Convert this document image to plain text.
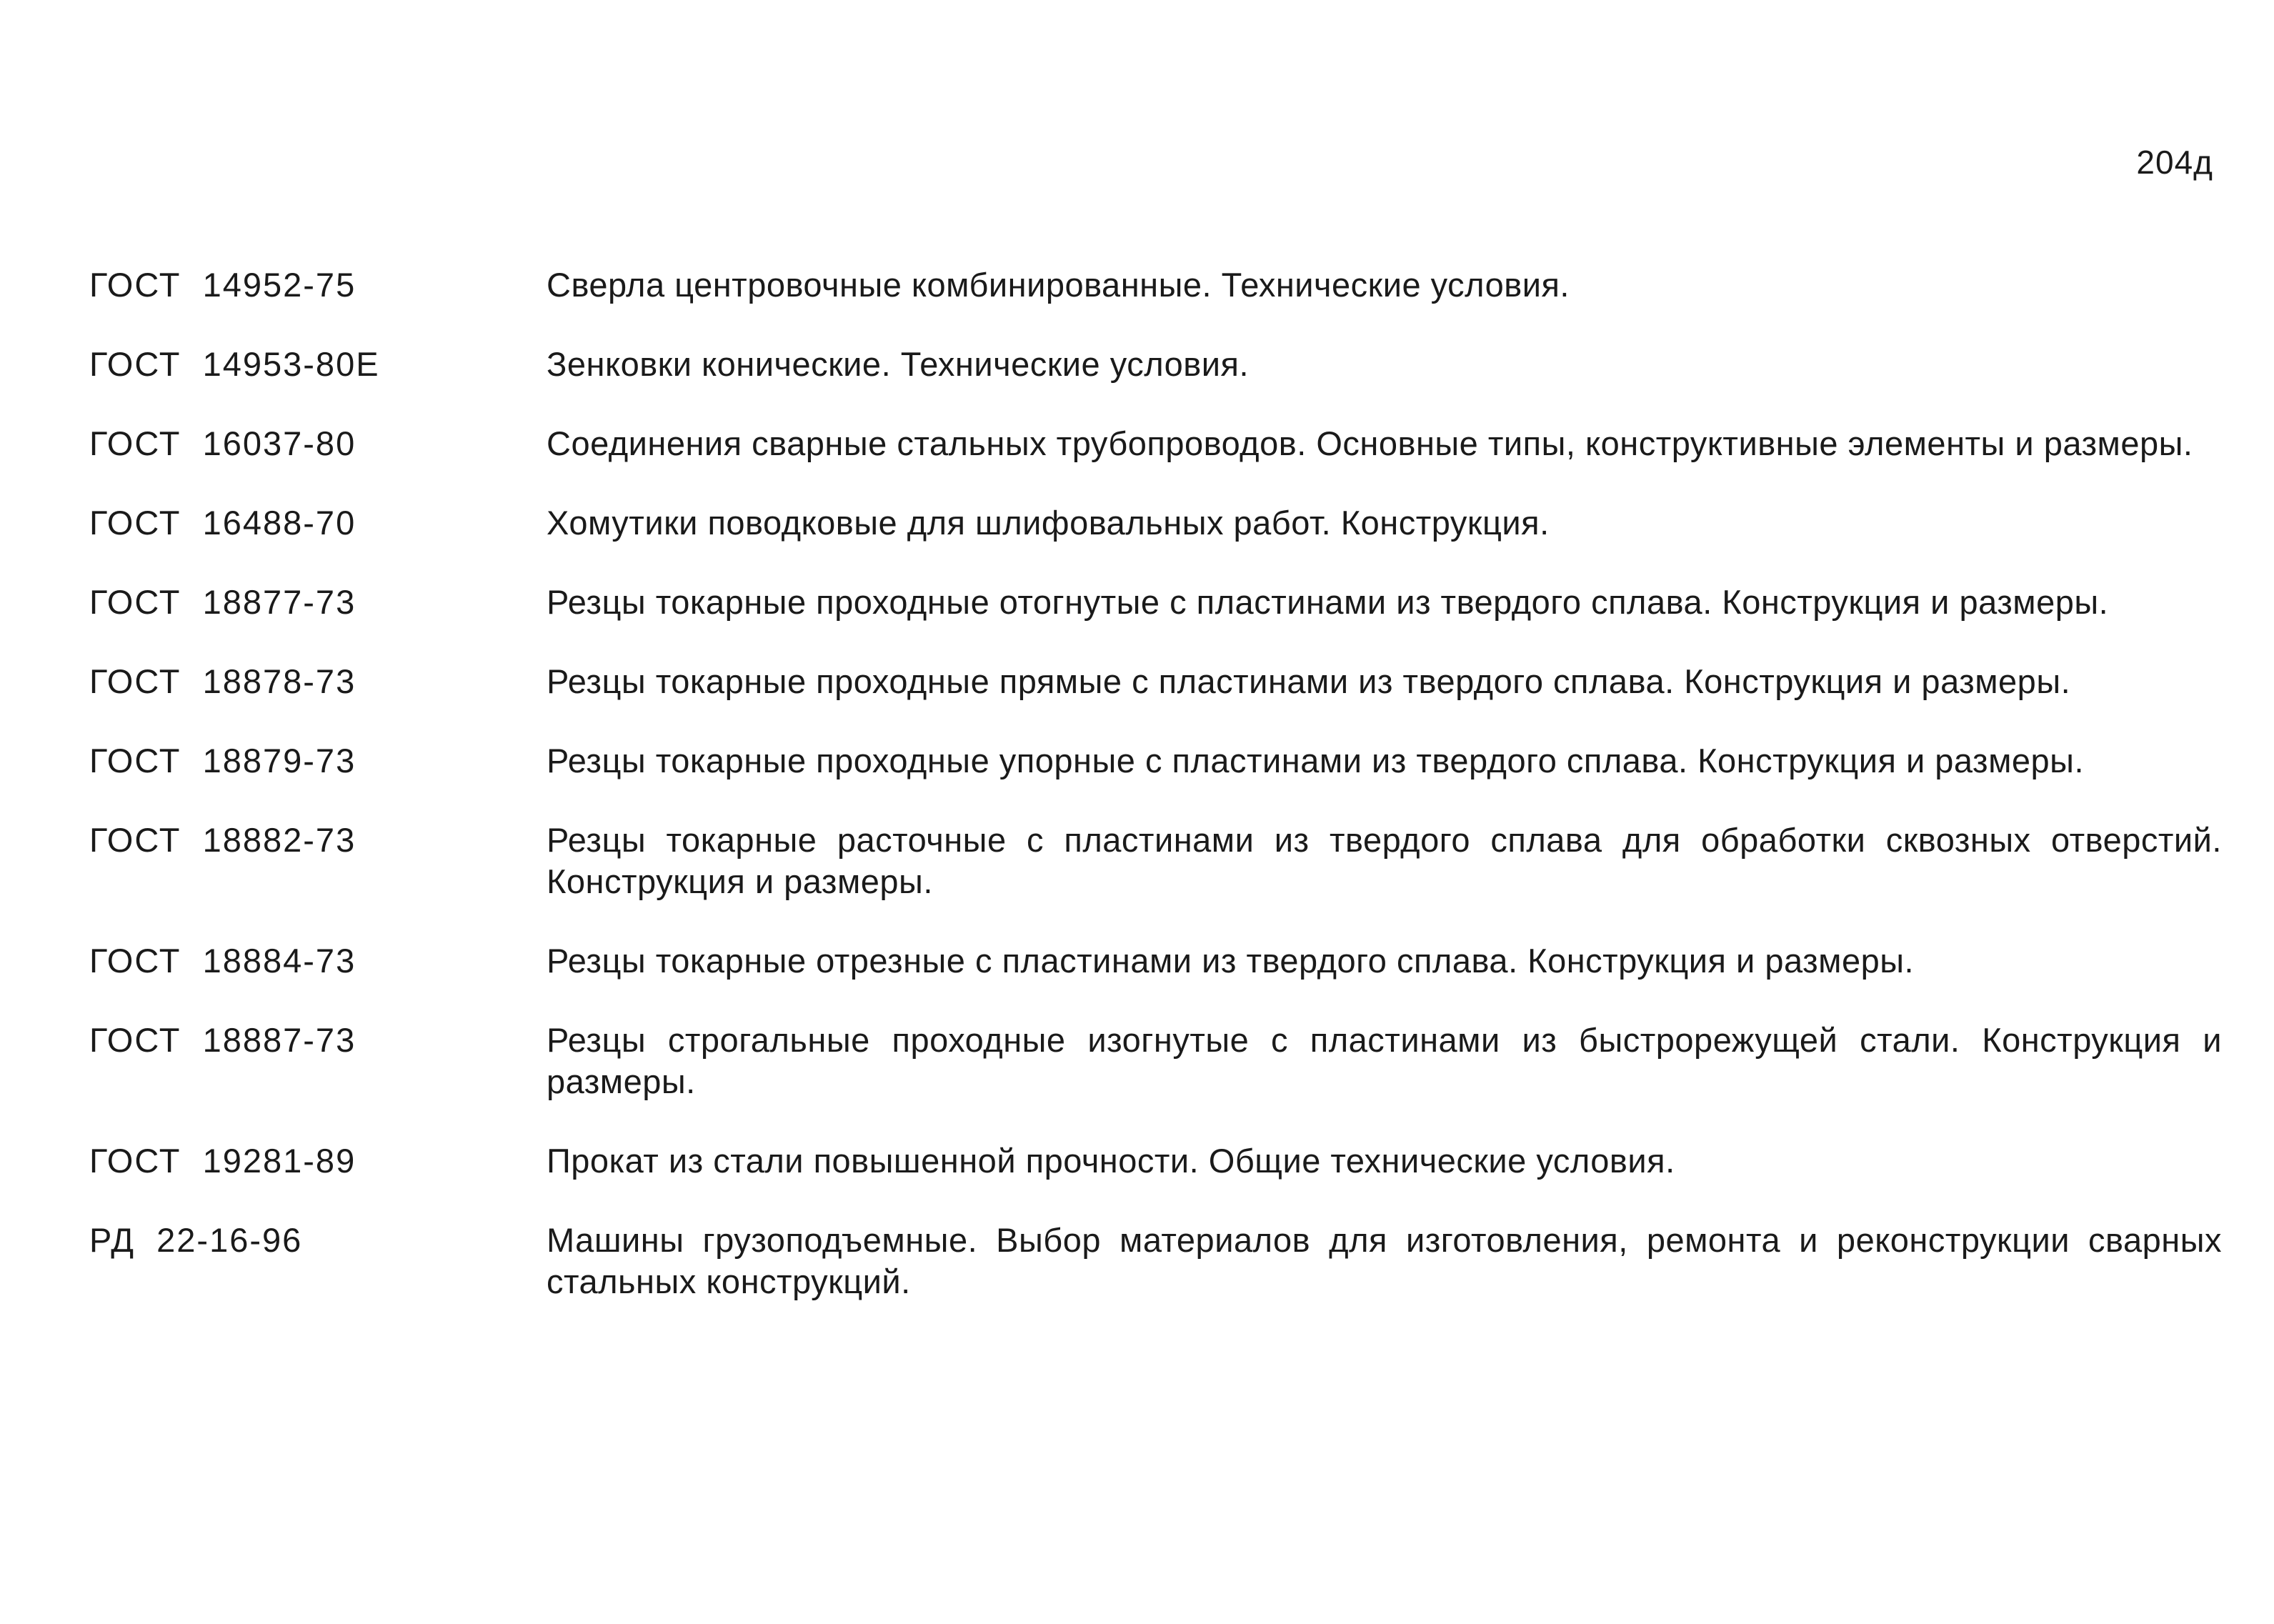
204д
ГОСТ  14952-75	Сверла центровочные комбинированные. Технические условия.
ГОСТ  14953-80Е	Зенковки конические. Технические условия.
ГОСТ  16037-80	Соединения сварные стальных трубопроводов. Основные типы, конструктивные элементы и размеры.
ГОСТ  16488-70	Хомутики поводковые для шлифовальных работ. Конструкция.
ГОСТ  18877-73	Резцы токарные проходные отогнутые с пластинами из твердого сплава. Конструкция и размеры.
ГОСТ  18878-73	Резцы токарные проходные прямые с пластинами из твердого сплава. Конструкция и размеры.
ГОСТ  18879-73	Резцы токарные проходные упорные с пластинами из твердого сплава. Конструкция и размеры.
ГОСТ  18882-73	Резцы токарные расточные с пластинами из твердого сплава для обработки сквозных отверстий. Конструкция и размеры.
ГОСТ  18884-73	Резцы токарные отрезные с пластинами из твердого сплава. Конструкция и размеры.
ГОСТ  18887-73	Резцы строгальные проходные изогнутые с пластинами из быстрорежущей стали. Конструкция и размеры.
ГОСТ  19281-89	Прокат из стали повышенной прочности. Общие технические условия.
РД  22-16-96	Машины грузоподъемные. Выбор материалов для изготовления, ремонта и реконструкции сварных стальных конструкций.
